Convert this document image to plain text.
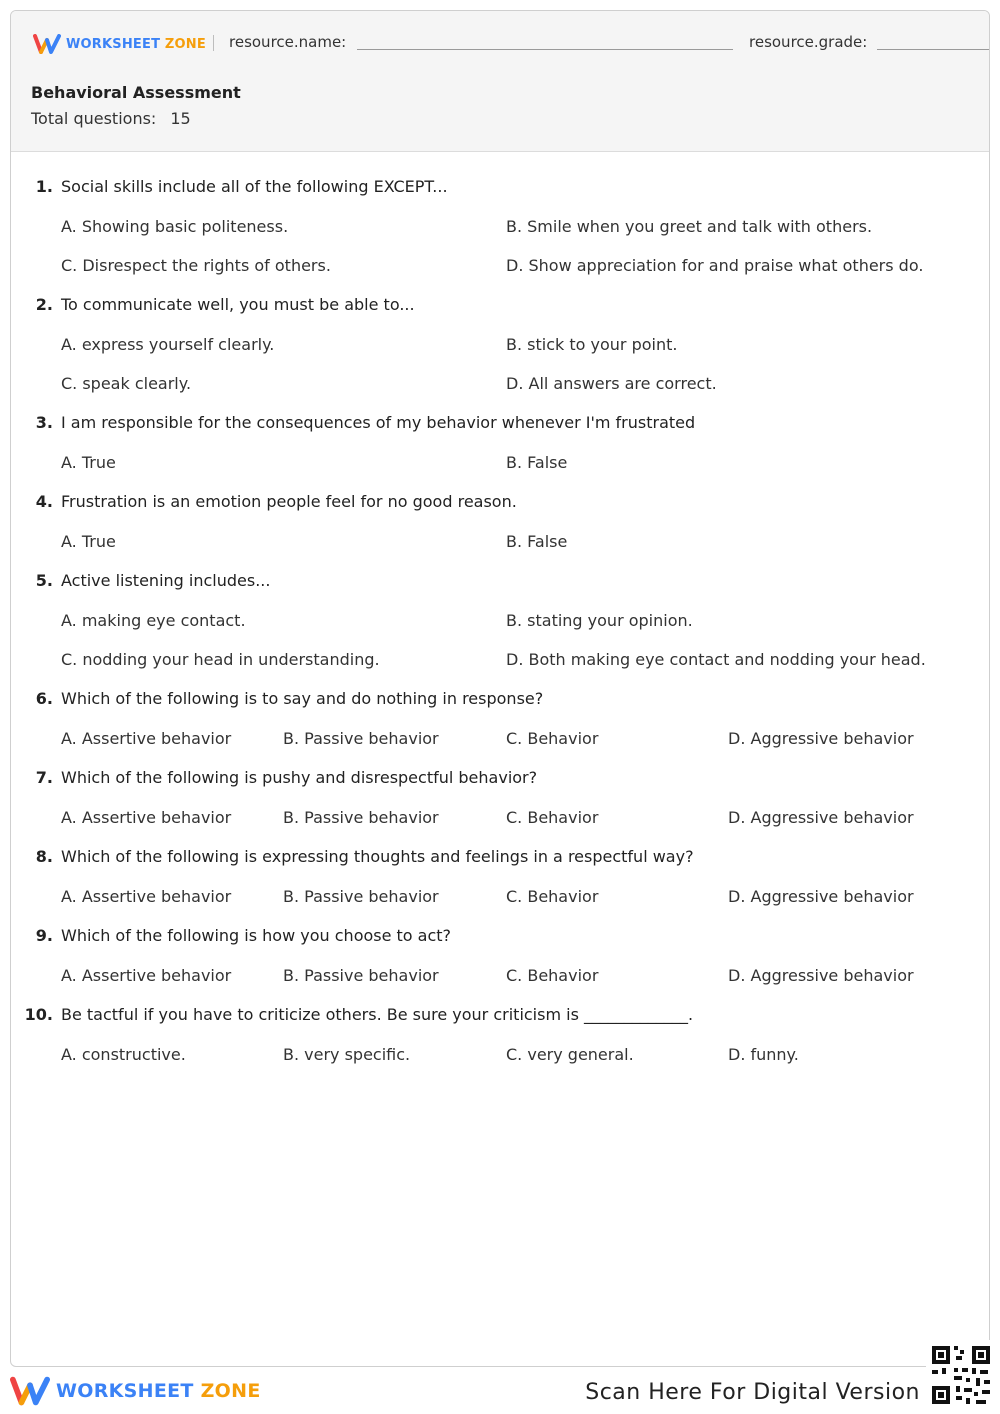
WORKSHEET ZONE resource.name:	resource.grade:
Behavioral Assessment
Total questions: 15
1. Social skills include all of the following EXCEPT...
A. Showing basic politeness.	B. Smile when you greet and talk with others.
C. Disrespect the rights of others.	D. Show appreciation for and praise what others do.
2. To communicate well, you must be able to...
A. express yourself clearly.	B. stick to your point.
C. speak clearly.	D. All answers are correct.
3. I am responsible for the consequences of my behavior whenever I'm frustrated
A. True	B. False
4. Frustration is an emotion people feel for no good reason.
A. True	B. False
5. Active listening includes...
A. making eye contact.	B. stating your opinion.
C. nodding your head in understanding.	D. Both making eye contact and nodding your head.
6. Which of the following is to say and do nothing in response?
A. Assertive behavior	B. Passive behavior	C. Behavior	D. Aggressive behavior
7. Which of the following is pushy and disrespectful behavior?
A. Assertive behavior	B. Passive behavior	C. Behavior	D. Aggressive behavior
8. Which of the following is expressing thoughts and feelings in a respectful way?
A. Assertive behavior	B. Passive behavior	C. Behavior	D. Aggressive behavior
9. Which of the following is how you choose to act?
A. Assertive behavior	B. Passive behavior	C. Behavior	D. Aggressive behavior
10. Be tactful if you have to criticize others. Be sure your criticism is _____________.
A. constructive.	B. very specific.	C. very general.	D. funny.
WORKSHEET ZONE	Scan Here For Digital Version
